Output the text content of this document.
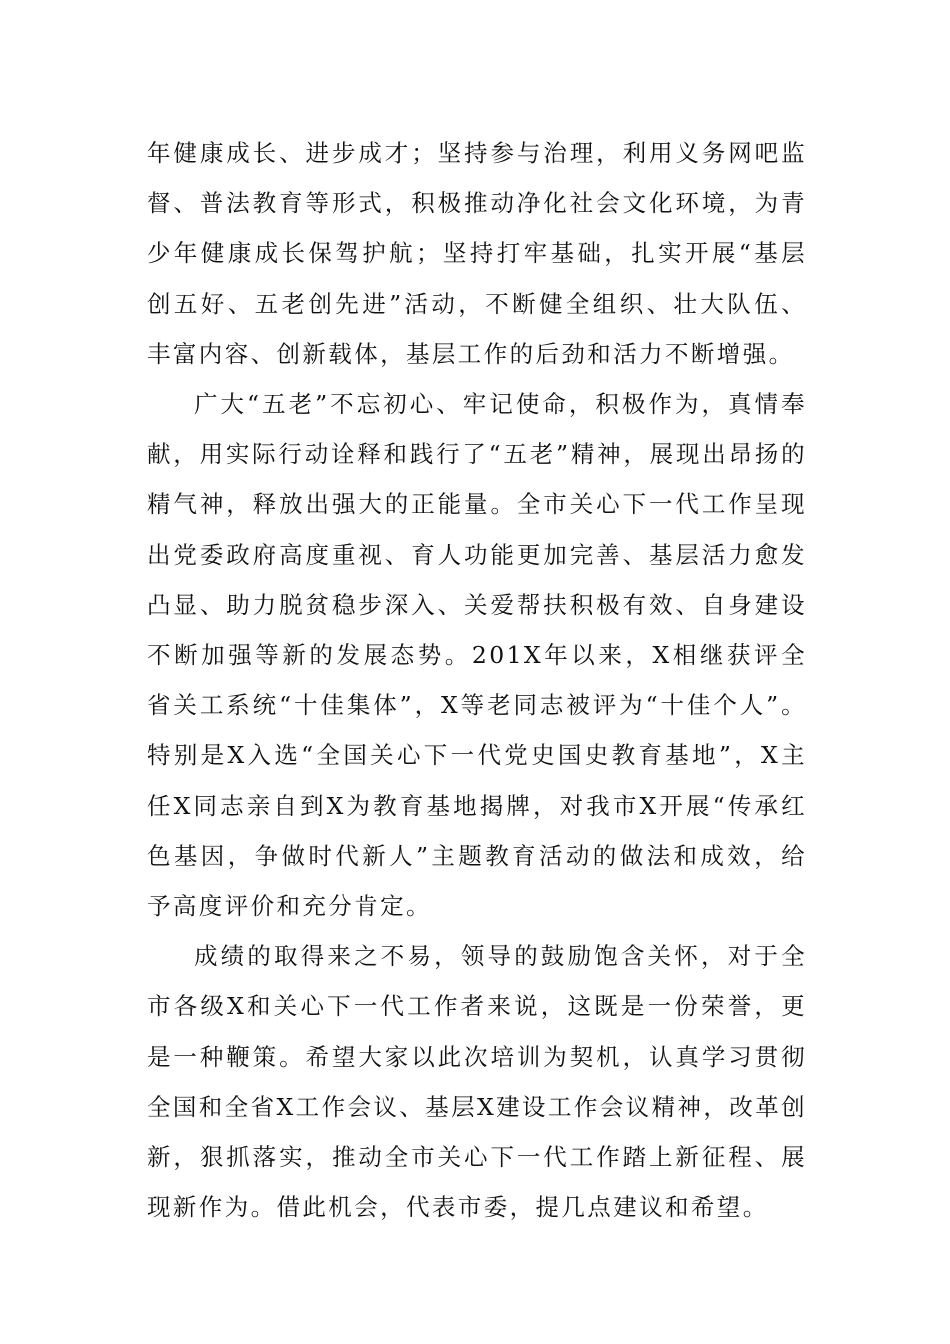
年健康成长、进步成才；坚持参与治理，利用义务网吧监督、普法教育等形式，积极推动净化社会文化环境，为青少年健康成长保驾护航；坚持打牢基础，扎实开展“基层创五好、五老创先进”活动，不断健全组织、壮大队伍、丰富内容、创新载体，基层工作的后劲和活力不断增强。

广大“五老”不忘初心、牢记使命，积极作为，真情奉献，用实际行动诠释和践行了“五老”精神，展现出昂扬的精气神，释放出强大的正能量。全市关心下一代工作呈现出党委政府高度重视、育人功能更加完善、基层活力愈发凸显、助力脱贫稳步深入、关爱帮扶积极有效、自身建设不断加强等新的发展态势。201X年以来，X相继获评全省关工系统“十佳集体”，X等老同志被评为“十佳个人”。特别是X入选“全国关心下一代党史国史教育基地”，X主任X同志亲自到X为教育基地揭牌，对我市X开展“传承红色基因，争做时代新人”主题教育活动的做法和成效，给予高度评价和充分肯定。

成绩的取得来之不易，领导的鼓励饱含关怀，对于全市各级X和关心下一代工作者来说，这既是一份荣誉，更是一种鞭策。希望大家以此次培训为契机，认真学习贯彻全国和全省X工作会议、基层X建设工作会议精神，改革创新，狠抓落实，推动全市关心下一代工作踏上新征程、展现新作为。借此机会，代表市委，提几点建议和希望。
